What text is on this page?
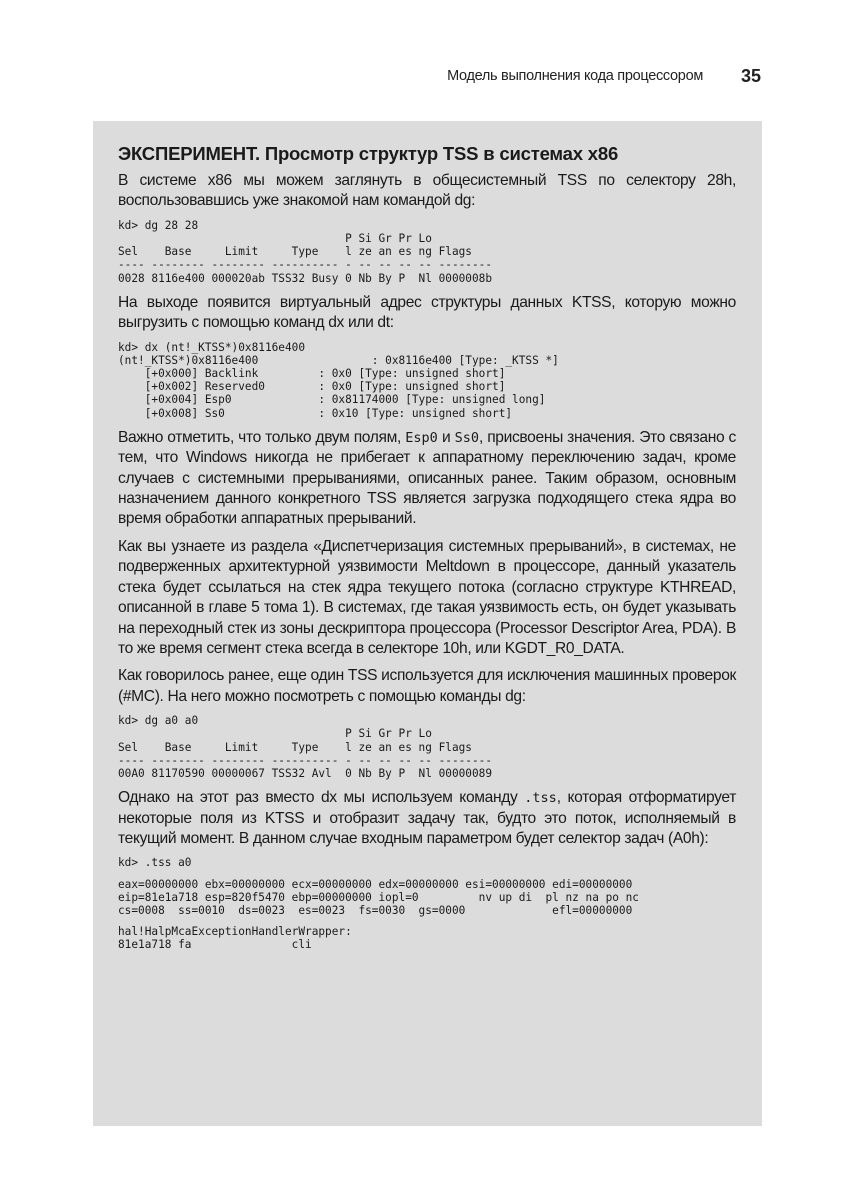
Модель выполнения кода процессором 35
ЭКСПЕРИМЕНТ. Просмотр структур TSS в системах x86

В системе x86 мы можем заглянуть в общесистемный TSS по селектору 28h, воспользовавшись уже знакомой нам командой dg:

kd> dg 28 28
P Si Gr Pr Lo
Sel    Base     Limit     Type    l ze an es ng Flags
---- -------- -------- ---------- - -- -- -- -- --------
0028 8116e400 000020ab TSS32 Busy 0 Nb By P  Nl 0000008b

На выходе появится виртуальный адрес структуры данных KTSS, которую можно выгрузить с помощью команд dx или dt:

kd> dx (nt!_KTSS*)0x8116e400
(nt!_KTSS*)0x8116e400                 : 0x8116e400 [Type: _KTSS *]
[+0x000] Backlink         : 0x0 [Type: unsigned short]
[+0x002] Reserved0        : 0x0 [Type: unsigned short]
[+0x004] Esp0             : 0x81174000 [Type: unsigned long]
[+0x008] Ss0              : 0x10 [Type: unsigned short]

Важно отметить, что только двум полям, Esp0 и Ss0, присвоены значения. Это связано с тем, что Windows никогда не прибегает к аппаратному переключению задач, кроме случаев с системными прерываниями, описанных ранее. Таким образом, основным назначением данного конкретного TSS является загрузка подходящего стека ядра во время обработки аппаратных прерываний.

Как вы узнаете из раздела «Диспетчеризация системных прерываний», в системах, не подверженных архитектурной уязвимости Meltdown в процессоре, данный указатель стека будет ссылаться на стек ядра текущего потока (согласно структуре KTHREAD, описанной в главе 5 тома 1). В системах, где такая уязвимость есть, он будет указывать на переходный стек из зоны дескриптора процессора (Processor Descriptor Area, PDA). В то же время сегмент стека всегда в селекторе 10h, или KGDT_R0_DATA.

Как говорилось ранее, еще один TSS используется для исключения машинных проверок (#MC). На него можно посмотреть с помощью команды dg:

kd> dg a0 a0
P Si Gr Pr Lo
Sel    Base     Limit     Type    l ze an es ng Flags
---- -------- -------- ---------- - -- -- -- -- --------
00A0 81170590 00000067 TSS32 Avl  0 Nb By P  Nl 00000089

Однако на этот раз вместо dx мы используем команду .tss, которая отформатирует некоторые поля из KTSS и отобразит задачу так, будто это поток, исполняемый в текущий момент. В данном случае входным параметром будет селектор задач (A0h):

kd> .tss a0
eax=00000000 ebx=00000000 ecx=00000000 edx=00000000 esi=00000000 edi=00000000
eip=81e1a718 esp=820f5470 ebp=00000000 iopl=0         nv up di  pl nz na po nc
cs=0008  ss=0010  ds=0023  es=0023  fs=0030  gs=0000             efl=00000000
hal!HalpMcaExceptionHandlerWrapper:
81e1a718 fa               cli
